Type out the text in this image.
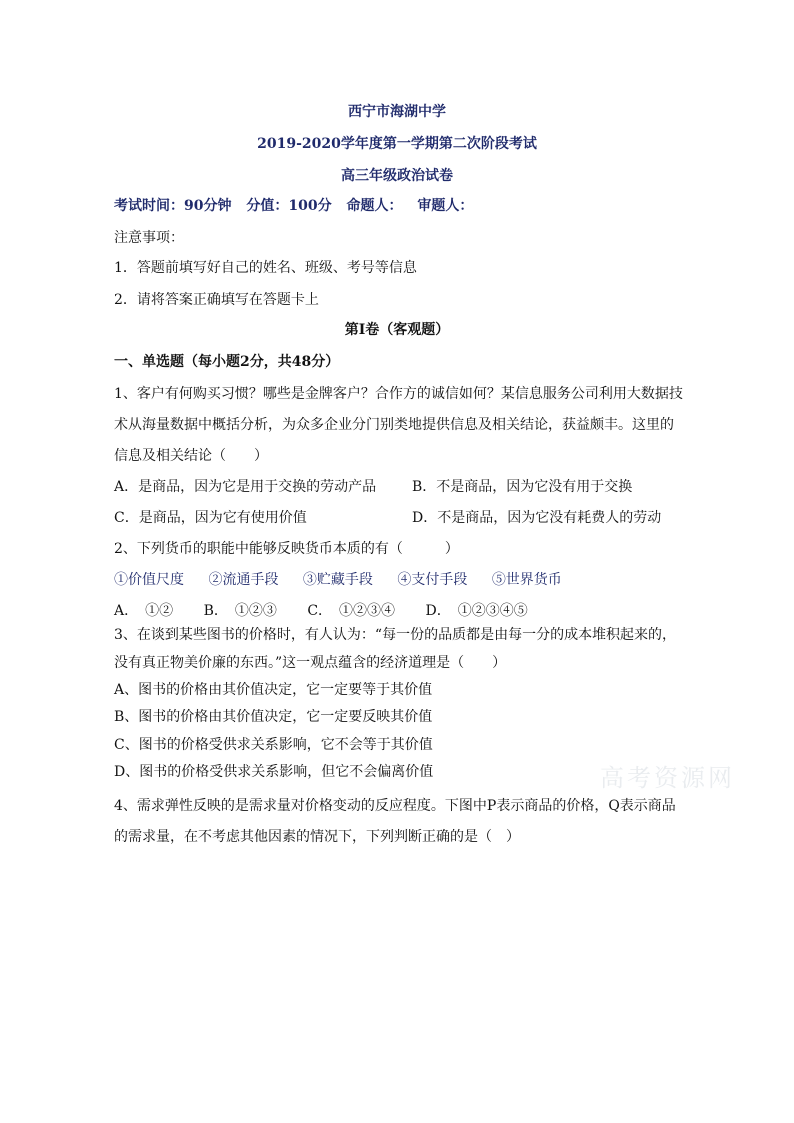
西宁市海湖中学
2019-2020学年度第一学期第二次阶段考试
高三年级政治试卷
考试时间：90分钟 分值：100分 命题人： 审题人：
注意事项：
1．答题前填写好自己的姓名、班级、考号等信息
2．请将答案正确填写在答题卡上
第I卷（客观题）
一、单选题（每小题2分，共48分）
1、客户有何购买习惯？哪些是金牌客户？合作方的诚信如何？某信息服务公司利用大数据技
术从海量数据中概括分析，为众多企业分门别类地提供信息及相关结论，获益颇丰。这里的
信息及相关结论（　　）
A．是商品，因为它是用于交换的劳动产品	B．不是商品，因为它没有用于交换
C．是商品，因为它有使用价值	D．不是商品，因为它没有耗费人的劳动
2、下列货币的职能中能够反映货币本质的有（　　　）
①价值尺度 ②流通手段 ③贮藏手段 ④支付手段 ⑤世界货币
A．　①② B．　①②③ C．　①②③④ D．　①②③④⑤
3、在谈到某些图书的价格时，有人认为：“每一份的品质都是由每一分的成本堆积起来的，
没有真正物美价廉的东西。”这一观点蕴含的经济道理是（　　）
A、图书的价格由其价值决定，它一定要等于其价值
B、图书的价格由其价值决定，它一定要反映其价值
C、图书的价格受供求关系影响，它不会等于其价值
D、图书的价格受供求关系影响，但它不会偏离价值
4、需求弹性反映的是需求量对价格变动的反应程度。下图中P表示商品的价格，Q表示商品
的需求量，在不考虑其他因素的情况下，下列判断正确的是（　）
高考资源网
